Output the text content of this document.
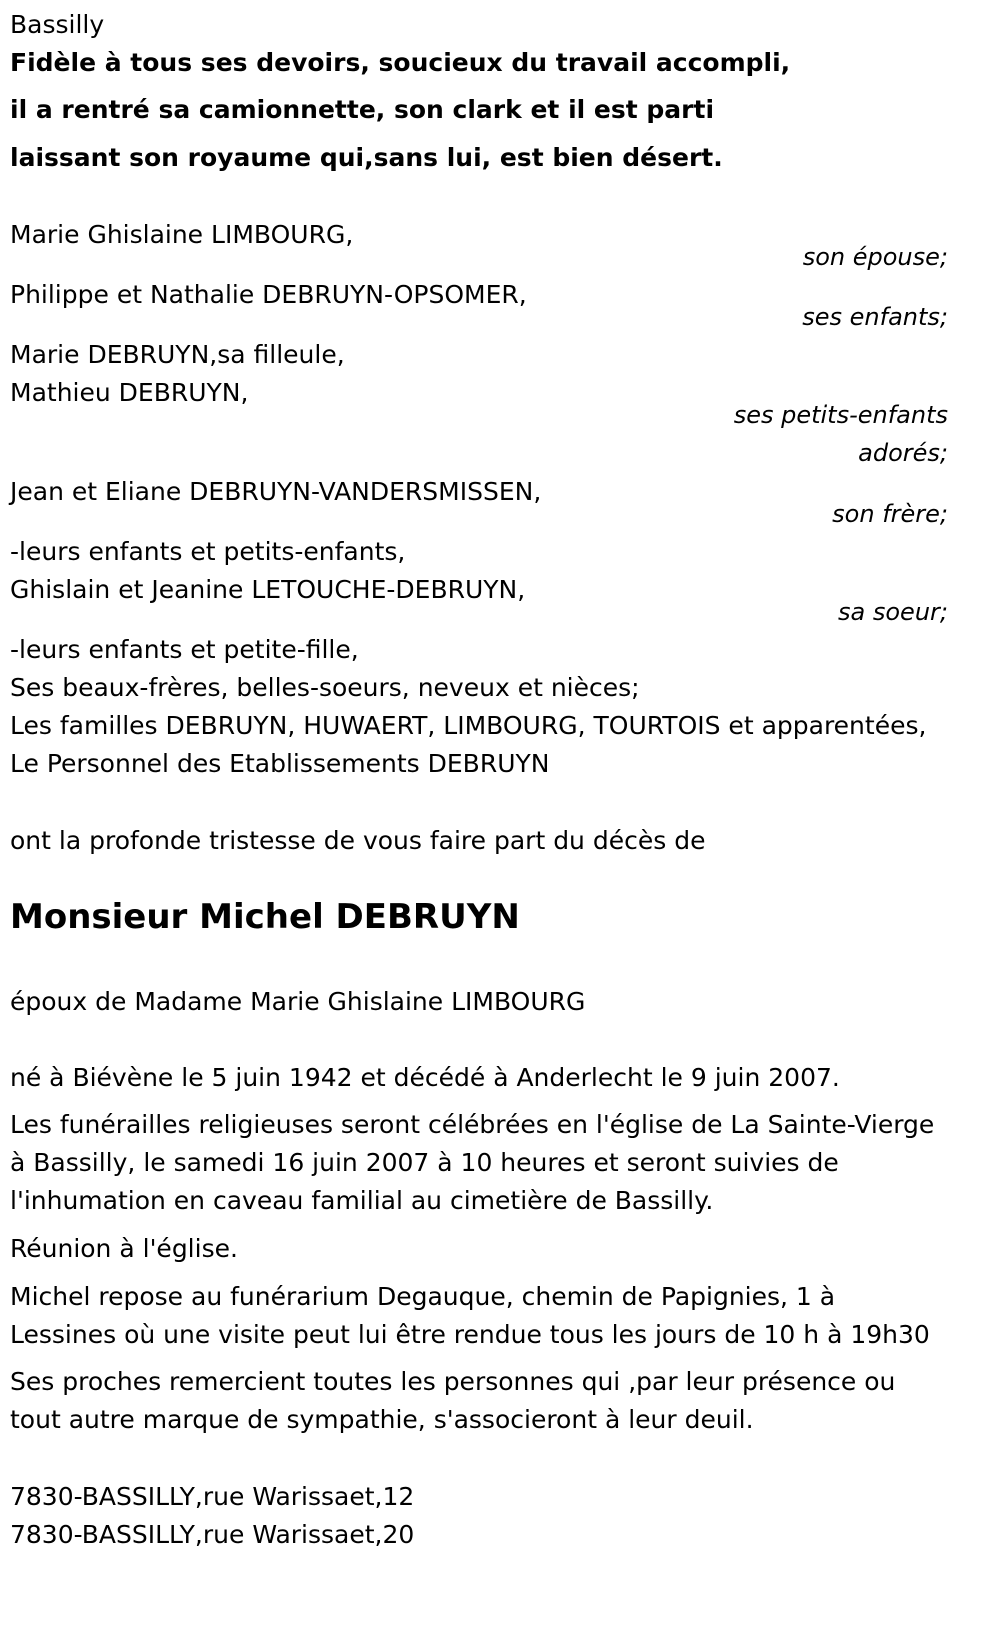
Bassilly
Fidèle à tous ses devoirs, soucieux du travail accompli,
il a rentré sa camionnette, son clark et il est parti
laissant son royaume qui,sans lui, est bien désert.
Marie Ghislaine LIMBOURG,
son épouse;
Philippe et Nathalie DEBRUYN-OPSOMER,
ses enfants;
Marie DEBRUYN,sa filleule,
Mathieu DEBRUYN,
ses petits-enfants
adorés;
Jean et Eliane DEBRUYN-VANDERSMISSEN,
son frère;
-leurs enfants et petits-enfants,
Ghislain et Jeanine LETOUCHE-DEBRUYN,
sa soeur;
-leurs enfants et petite-fille,
Ses beaux-frères, belles-soeurs, neveux et nièces;
Les familles DEBRUYN, HUWAERT, LIMBOURG, TOURTOIS et apparentées,
Le Personnel des Etablissements DEBRUYN
ont la profonde tristesse de vous faire part du décès de
Monsieur Michel DEBRUYN
époux de Madame Marie Ghislaine LIMBOURG
né à Biévène le 5 juin 1942 et décédé à Anderlecht le 9 juin 2007.
Les funérailles religieuses seront célébrées en l'église de La Sainte-Vierge
à Bassilly, le samedi 16 juin 2007 à 10 heures et seront suivies de
l'inhumation en caveau familial au cimetière de Bassilly.
Réunion à l'église.
Michel repose au funérarium Degauque, chemin de Papignies, 1 à
Lessines où une visite peut lui être rendue tous les jours de 10 h à 19h30
Ses proches remercient toutes les personnes qui ,par leur présence ou
tout autre marque de sympathie, s'associeront à leur deuil.
7830-BASSILLY,rue Warissaet,12
7830-BASSILLY,rue Warissaet,20
